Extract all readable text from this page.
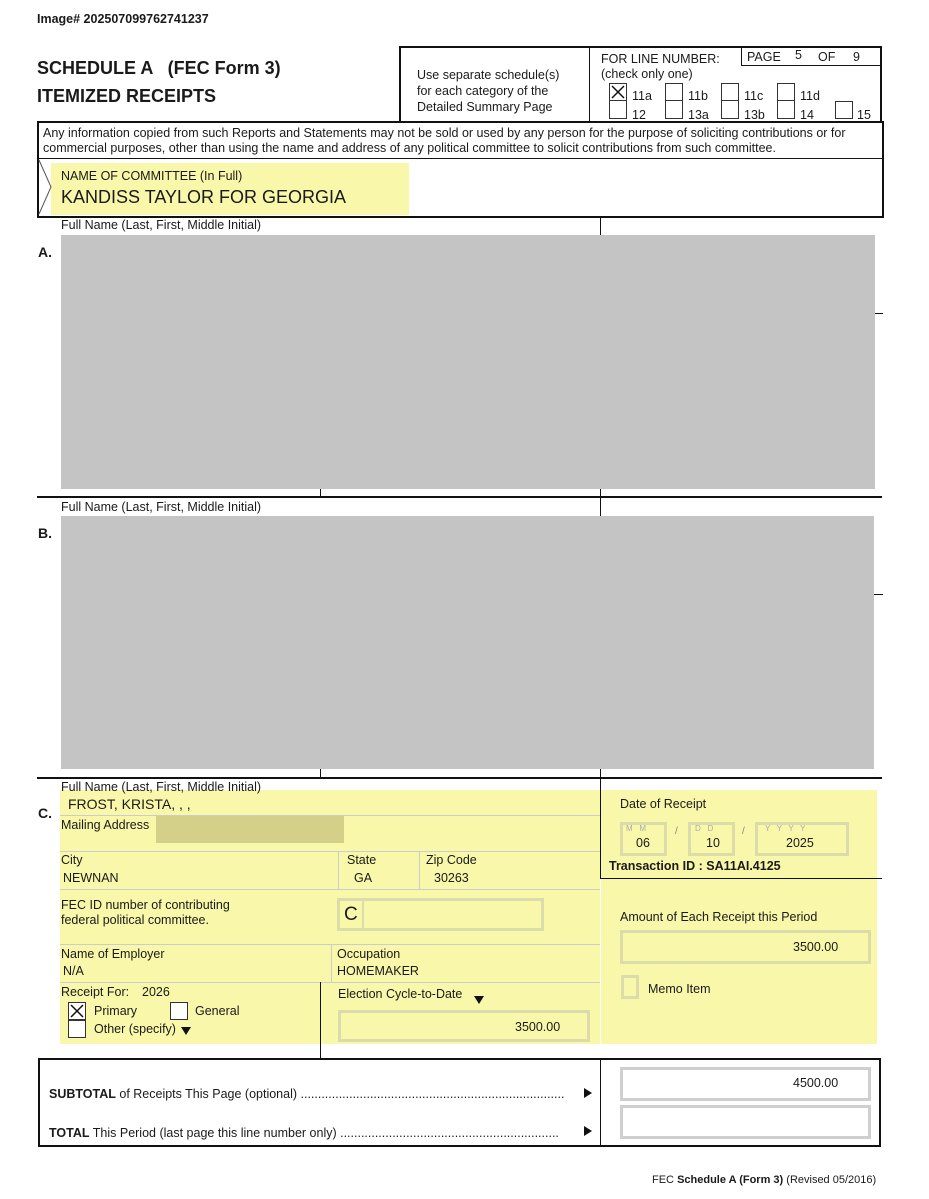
Image# 202507099762741237
SCHEDULE A   (FEC Form 3)
ITEMIZED RECEIPTS
Use separate schedule(s) for each category of the Detailed Summary Page
FOR LINE NUMBER:
(check only one)
PAGE 5 OF 9
11a	11b	11c	11d
12	13a	13b	14	15
Any information copied from such Reports and Statements may not be sold or used by any person for the purpose of soliciting contributions or for commercial purposes, other than using the name and address of any political committee to solicit contributions from such committee.
NAME OF COMMITTEE (In Full)
KANDISS TAYLOR FOR GEORGIA
Full Name (Last, First, Middle Initial)
A.
Full Name (Last, First, Middle Initial)
B.
Full Name (Last, First, Middle Initial)
C.
FROST, KRISTA, , ,
Mailing Address
City
NEWNAN
State
GA
Zip Code
30263
FEC ID number of contributing
federal political committee.	C
Name of Employer
N/A
Occupation
HOMEMAKER
Receipt For: 2026
Primary	General
Other (specify)
Election Cycle-to-Date
3500.00
Date of Receipt
M   M
06
/ D   D
10
/	Y   Y   Y   Y
2025
Transaction ID : SA11AI.4125
Amount of Each Receipt this Period
3500.00
Memo Item
SUBTOTAL of Receipts This Page (optional) ............................................................................
4500.00
TOTAL This Period (last page this line number only) ...............................................................
FEC Schedule A (Form 3) (Revised 05/2016)
